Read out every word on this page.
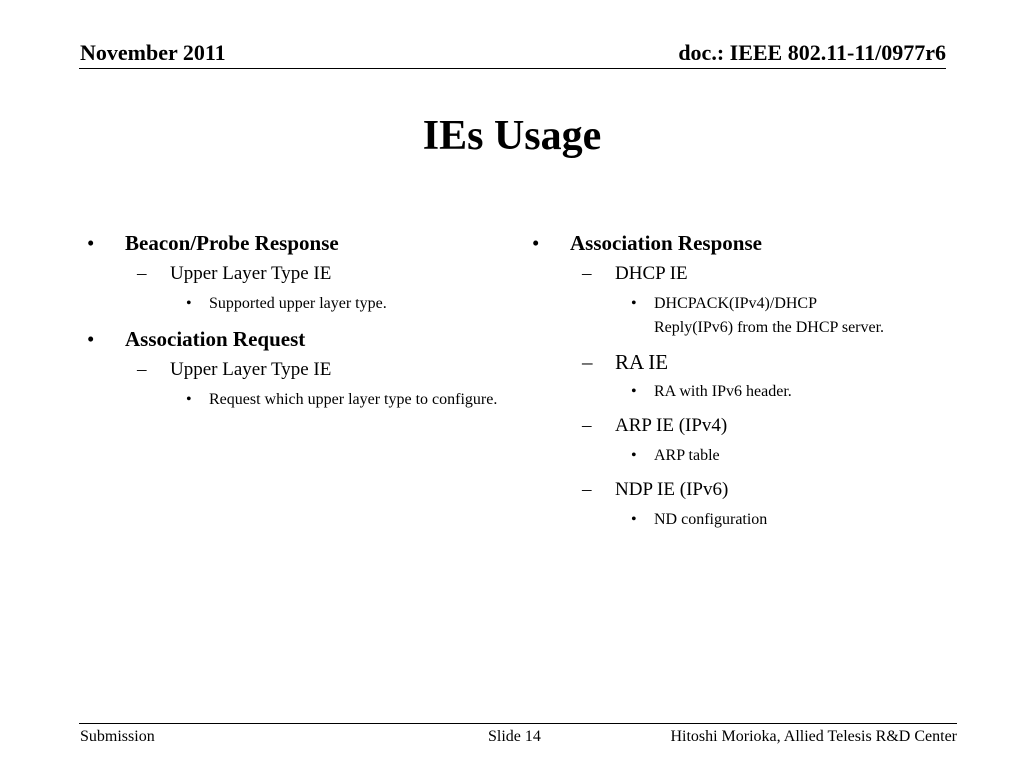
November 2011	doc.: IEEE 802.11-11/0977r6
IEs Usage
• Beacon/Probe Response
– Upper Layer Type IE
• Supported upper layer type.
• Association Request
– Upper Layer Type IE
• Request which upper layer type to configure.
• Association Response
– DHCP IE
• DHCPACK(IPv4)/DHCP Reply(IPv6) from the DHCP server.
– RA IE
• RA with IPv6 header.
– ARP IE (IPv4)
• ARP table
– NDP IE (IPv6)
• ND configuration
Submission	Slide 14	Hitoshi Morioka, Allied Telesis R&D Center
